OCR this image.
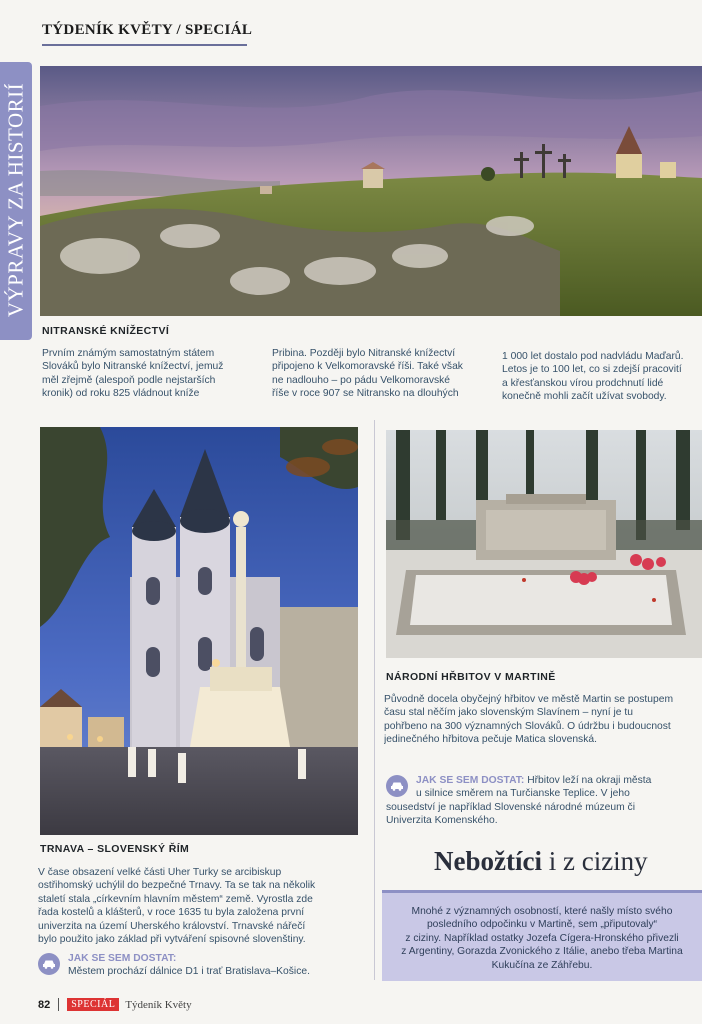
TÝDENÍK KVĚTY / SPECIÁL
VÝPRAVY ZA HISTORIÍ
NITRANSKÉ KNÍŽECTVÍ
Prvním známým samostatným státem
Slováků bylo Nitranské knížectví, jemuž
měl zřejmě (alespoň podle nejstarších
kronik) od roku 825 vládnout kníže
Pribina. Později bylo Nitranské knížectví
připojeno k Velkomoravské říši. Také však
ne nadlouho – po pádu Velkomoravské
říše v roce 907 se Nitransko na dlouhých
1 000 let dostalo pod nadvládu Maďarů.
Letos je to 100 let, co si zdejší pracovití
a křesťanskou vírou prodchnutí lidé
konečně mohli začít užívat svobody.
TRNAVA – SLOVENSKÝ ŘÍM
V čase obsazení velké části Uher Turky se arcibiskup
ostřihomský uchýlil do bezpečné Trnavy. Ta se tak na několik
staletí stala „církevním hlavním městem“ země. Vyrostla zde
řada kostelů a klášterů, v roce 1635 tu byla založena první
univerzita na území Uherského království. Trnavské nářečí
bylo použito jako základ při vytváření spisovné slovenštiny.
JAK SE SEM DOSTAT:
Městem prochází dálnice D1 i trať Bratislava–Košice.
NÁRODNÍ HŘBITOV V MARTINĚ
Původně docela obyčejný hřbitov ve městě Martin se postupem
času stal něčím jako slovenským Slavínem – nyní je tu
pohřbeno na 300 významných Slováků. O údržbu i budoucnost
jedinečného hřbitova pečuje Matica slovenská.
JAK SE SEM DOSTAT: Hřbitov leží na okraji města
u silnice směrem na Turčianske Teplice. V jeho
sousedství je například Slovenské národné múzeum či
Univerzita Komenského.
Nebožtíci i z ciziny
Mnohé z významných osobností, které našly místo svého
posledního odpočinku v Martině, sem „připutovaly“
z ciziny. Například ostatky Jozefa Cígera-Hronského přivezli
z Argentiny, Gorazda Zvonického z Itálie, anebo třeba Martina
Kukučína ze Záhřebu.
82	SPECIÁL Týdeník Květy
